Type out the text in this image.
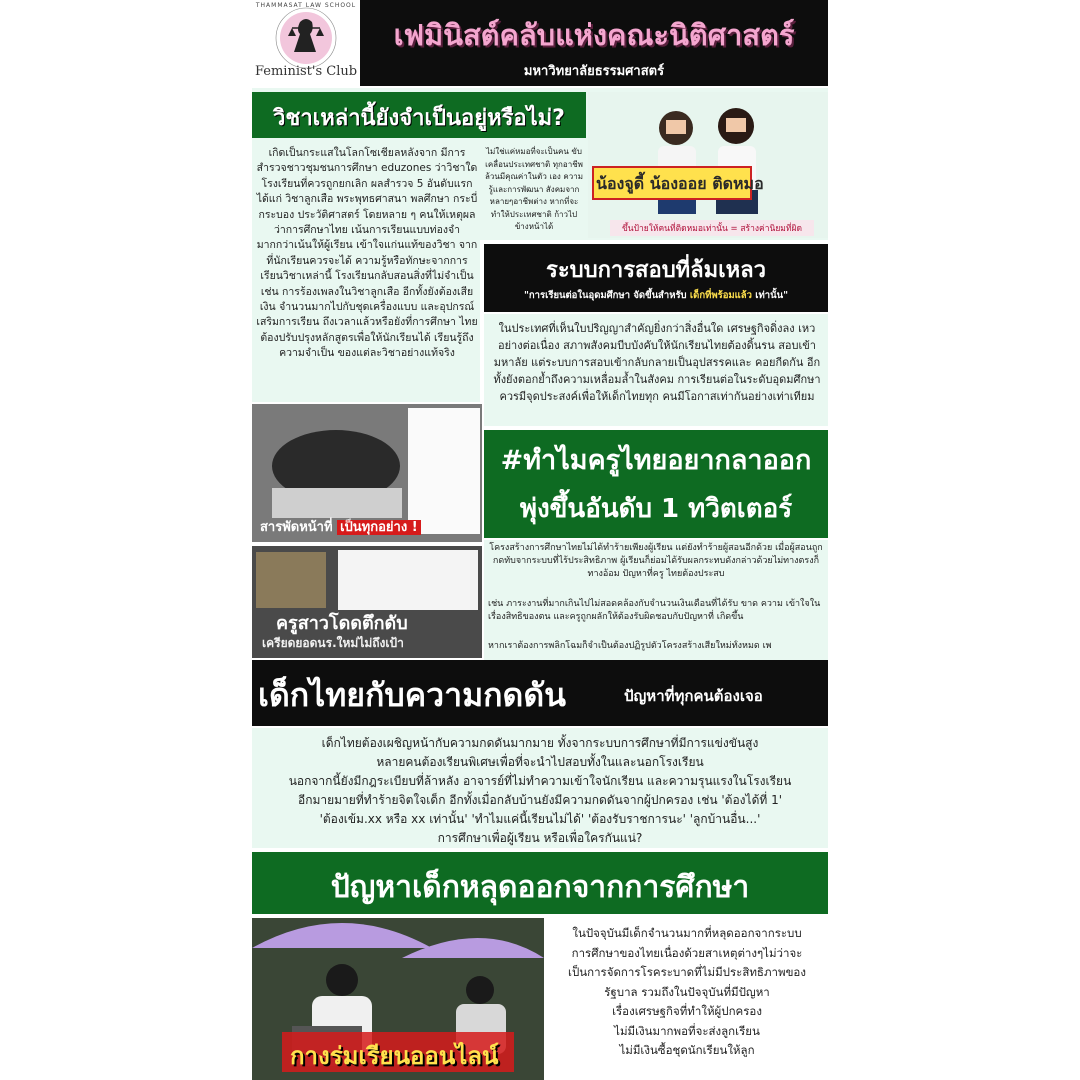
THAMMASAT LAW SCHOOL
Feminist's Club
เฟมินิสต์คลับแห่งคณะนิติศาสตร์
มหาวิทยาลัยธรรมศาสตร์
วิชาเหล่านี้ยังจำเป็นอยู่หรือไม่?
เกิดเป็นกระแสในโลกโซเชียลหลังจาก มีการสำรวจชาวชุมชนการศึกษา eduzones ว่าวิชาใดโรงเรียนที่ควรถูกยกเลิก ผลสำรวจ 5 อันดับแรก ได้แก่ วิชาลูกเสือ พระพุทธศาสนา พลศึกษา กระบี่กระบอง ประวัติศาสตร์ โดยหลาย ๆ คนให้เหตุผลว่าการศึกษาไทย เน้นการเรียนแบบท่องจำมากกว่าเน้นให้ผู้เรียน เข้าใจแก่นแท้ของวิชา จากที่นักเรียนควรจะได้ ความรู้หรือทักษะจากการเรียนวิชาเหล่านี้ โรงเรียนกลับสอนสิ่งที่ไม่จำเป็น เช่น การร้องเพลงในวิชาลูกเสือ อีกทั้งยังต้องเสียเงิน จำนวนมากไปกับชุดเครื่องแบบ และอุปกรณ์ เสริมการเรียน ถึงเวลาแล้วหรือยังที่การศึกษา ไทยต้องปรับปรุงหลักสูตรเพื่อให้นักเรียนได้ เรียนรู้ถึงความจำเป็น ของแต่ละวิชาอย่างแท้จริง
ไม่ใช่แค่หมอที่จะเป็นคน ขับเคลื่อนประเทศชาติ ทุกอาชีพล้วนมีคุณค่าในตัว เอง ความรู้และการพัฒนา สังคมจากหลายๆอาชีพต่าง หากที่จะทำให้ประเทศชาติ ก้าวไปข้างหน้าได้
น้องจูดี้ น้องออย ติดหมอ
ขึ้นป้ายให้คนที่ติดหมอเท่านั้น = สร้างค่านิยมที่ผิด
ระบบการสอบที่ล้มเหลว
"การเรียนต่อในอุดมศึกษา จัดขึ้นสำหรับ เด็กที่พร้อมแล้ว เท่านั้น"
ในประเทศที่เห็นใบปริญญาสำคัญยิ่งกว่าสิ่งอื่นใด เศรษฐกิจดิ่งลง เหวอย่างต่อเนื่อง สภาพสังคมบีบบังคับให้นักเรียนไทยต้องดิ้นรน สอบเข้ามหาลัย แต่ระบบการสอบเข้ากลับกลายเป็นอุปสรรคและ คอยกีดกัน อีกทั้งยังตอกย้ำถึงความเหลื่อมล้ำในสังคม การเรียนต่อในระดับอุดมศึกษาควรมีจุดประสงค์เพื่อให้เด็กไทยทุก คนมีโอกาสเท่ากันอย่างเท่าเทียม
สารพัดหน้าที่ เป็นทุกอย่าง !
ครูสาวโดดตึกดับ
เครียดยอดนร.ใหม่ไม่ถึงเป้า
#ทำไมครูไทยอยากลาออก
พุ่งขึ้นอันดับ 1 ทวิตเตอร์
โครงสร้างการศึกษาไทยไม่ได้ทำร้ายเพียงผู้เรียน แต่ยังทำร้ายผู้สอนอีกด้วย เมื่อผู้สอนถูกกดทับจากระบบที่ไร้ประสิทธิภาพ ผู้เรียนก็ย่อมได้รับผลกระทบดังกล่าวด้วยไม่ทางตรงก็ทางอ้อม ปัญหาที่ครู ไทยต้องประสบ
เช่น ภาระงานที่มากเกินไปไม่สอดคล้องกับจำนวนเงินเดือนที่ได้รับ ขาด ความ เข้าใจในเรื่องสิทธิของตน และครูถูกผลักให้ต้องรับผิดชอบกับปัญหาที่ เกิดขึ้น
หากเราต้องการพลิกโฉมก็จำเป็นต้องปฏิรูปตัวโครงสร้างเสียใหม่ทั้งหมด เพ
เด็กไทยกับความกดดัน	ปัญหาที่ทุกคนต้องเจอ
เด็กไทยต้องเผชิญหน้ากับความกดดันมากมาย ทั้งจากระบบการศึกษาที่มีการแข่งขันสูง
หลายคนต้องเรียนพิเศษเพื่อที่จะนำไปสอบทั้งในและนอกโรงเรียน
นอกจากนี้ยังมีกฎระเบียบที่ล้าหลัง อาจารย์ที่ไม่ทำความเข้าใจนักเรียน และความรุนแรงในโรงเรียน
อีกมายมายที่ทำร้ายจิตใจเด็ก อีกทั้งเมื่อกลับบ้านยังมีความกดดันจากผู้ปกครอง เช่น 'ต้องได้ที่ 1'
'ต้องเข้ม.xx หรือ xx เท่านั้น' 'ทำไมแค่นี้เรียนไม่ได้' 'ต้องรับราชการนะ' 'ลูกบ้านอื่น...'
การศึกษาเพื่อผู้เรียน หรือเพื่อใครกันแน่?
ปัญหาเด็กหลุดออกจากการศึกษา
กางร่มเรียนออนไลน์
ในปัจจุบันมีเด็กจำนวนมากที่หลุดออกจากระบบ
การศึกษาของไทยเนื่องด้วยสาเหตุต่างๆไม่ว่าจะ
เป็นการจัดการโรคระบาดที่ไม่มีประสิทธิภาพของ
รัฐบาล รวมถึงในปัจจุบันที่มีปัญหา
เรื่องเศรษฐกิจที่ทำให้ผู้ปกครอง
ไม่มีเงินมากพอที่จะส่งลูกเรียน
ไม่มีเงินซื้อชุดนักเรียนให้ลูก
